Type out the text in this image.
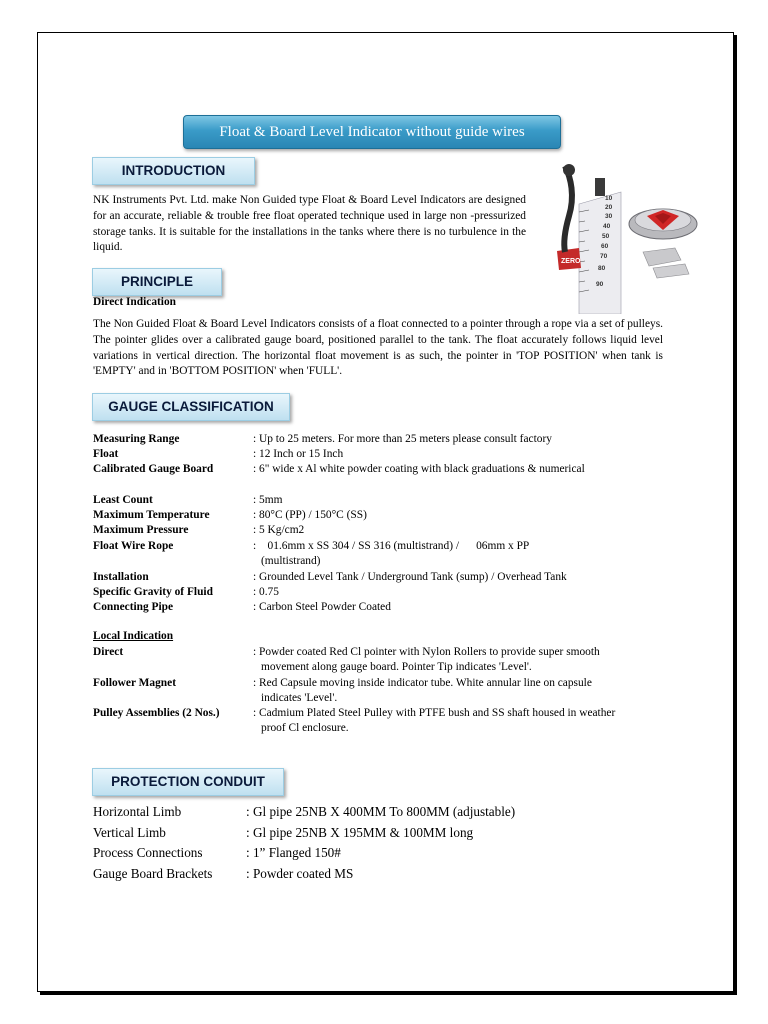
Float & Board Level Indicator without guide wires
INTRODUCTION

NK Instruments Pvt. Ltd. make Non Guided type Float & Board Level Indicators are designed for an accurate, reliable & trouble free float operated technique used in large non -pressurized storage tanks. It is suitable for the installations in the tanks where there is no turbulence in the liquid.

10
20
30
40
50
60
70
80
90
ZERO
PRINCIPLE
Direct Indication

The Non Guided Float & Board Level Indicators consists of a float connected to a pointer through a rope via a set of pulleys. The pointer glides over a calibrated gauge board, positioned parallel to the tank. The float accurately follows liquid level variations in vertical direction. The horizontal float movement is as such, the pointer in 'TOP POSITION' when tank is 'EMPTY' and in 'BOTTOM POSITION' when 'FULL'.

GAUGE CLASSIFICATION
Measuring Range	: Up to 25 meters. For more than 25 meters please consult factory
Float	: 12 Inch or 15 Inch
Calibrated Gauge Board	: 6" wide x Al white powder coating with black graduations & numerical
Least Count	: 5mm
Maximum Temperature	: 80°C (PP) / 150°C (SS)
Maximum Pressure	: 5 Kg/cm2
Float Wire Rope	:    01.6mm x SS 304 / SS 316 (multistrand) /      06mm x PP (multistrand)
Installation	: Grounded Level Tank / Underground Tank (sump) / Overhead Tank
Specific Gravity of Fluid	: 0.75
Connecting Pipe	: Carbon Steel Powder Coated
Local Indication
Direct	: Powder coated Red Cl pointer with Nylon Rollers to provide super smooth movement along gauge board. Pointer Tip indicates 'Level'.
Follower Magnet	: Red Capsule moving inside indicator tube. White annular line on capsule indicates 'Level'.
Pulley Assemblies (2 Nos.)	: Cadmium Plated Steel Pulley with PTFE bush and SS shaft housed in weather proof Cl enclosure.
PROTECTION CONDUIT
Horizontal Limb	: Gl pipe 25NB X 400MM To 800MM (adjustable)
Vertical Limb	: Gl pipe 25NB X 195MM & 100MM long
Process Connections	: 1” Flanged 150#
Gauge Board Brackets	: Powder coated MS
